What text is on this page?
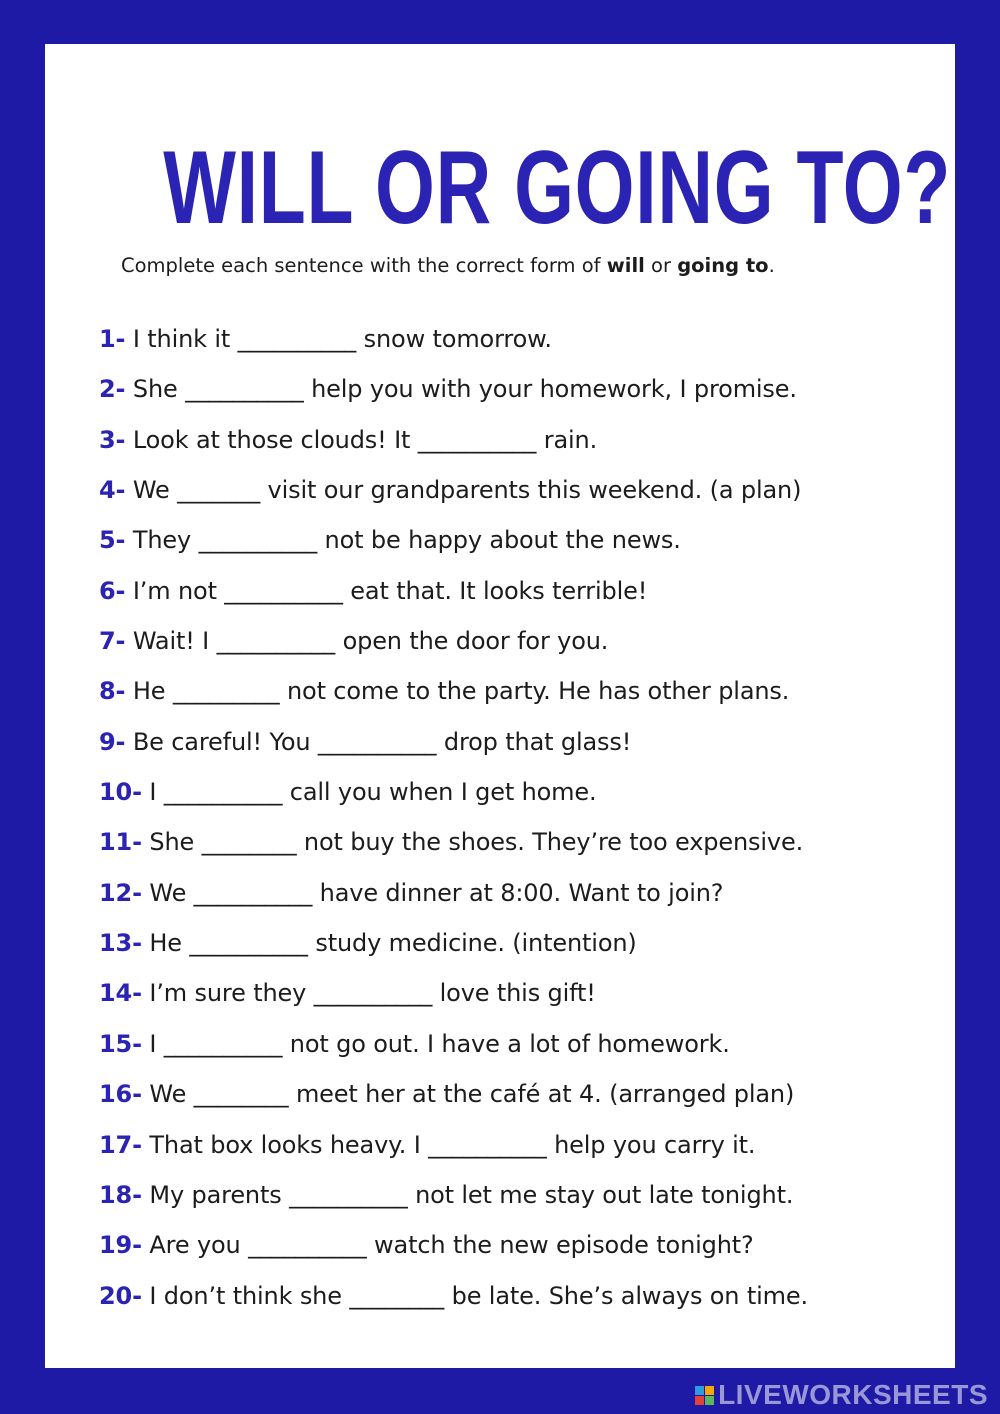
WILL OR GOING TO?
Complete each sentence with the correct form of will or going to.
1- I think it __________ snow tomorrow.
2- She __________ help you with your homework, I promise.
3- Look at those clouds! It __________ rain.
4- We _______ visit our grandparents this weekend. (a plan)
5- They __________ not be happy about the news.
6- I’m not __________ eat that. It looks terrible!
7- Wait! I __________ open the door for you.
8- He _________ not come to the party. He has other plans.
9- Be careful! You __________ drop that glass!
10- I __________ call you when I get home.
11- She ________ not buy the shoes. They’re too expensive.
12- We __________ have dinner at 8:00. Want to join?
13- He __________ study medicine. (intention)
14- I’m sure they __________ love this gift!
15- I __________ not go out. I have a lot of homework.
16- We ________ meet her at the café at 4. (arranged plan)
17- That box looks heavy. I __________ help you carry it.
18- My parents __________ not let me stay out late tonight.
19- Are you __________ watch the new episode tonight?
20- I don’t think she ________ be late. She’s always on time.
LIVEWORKSHEETS
